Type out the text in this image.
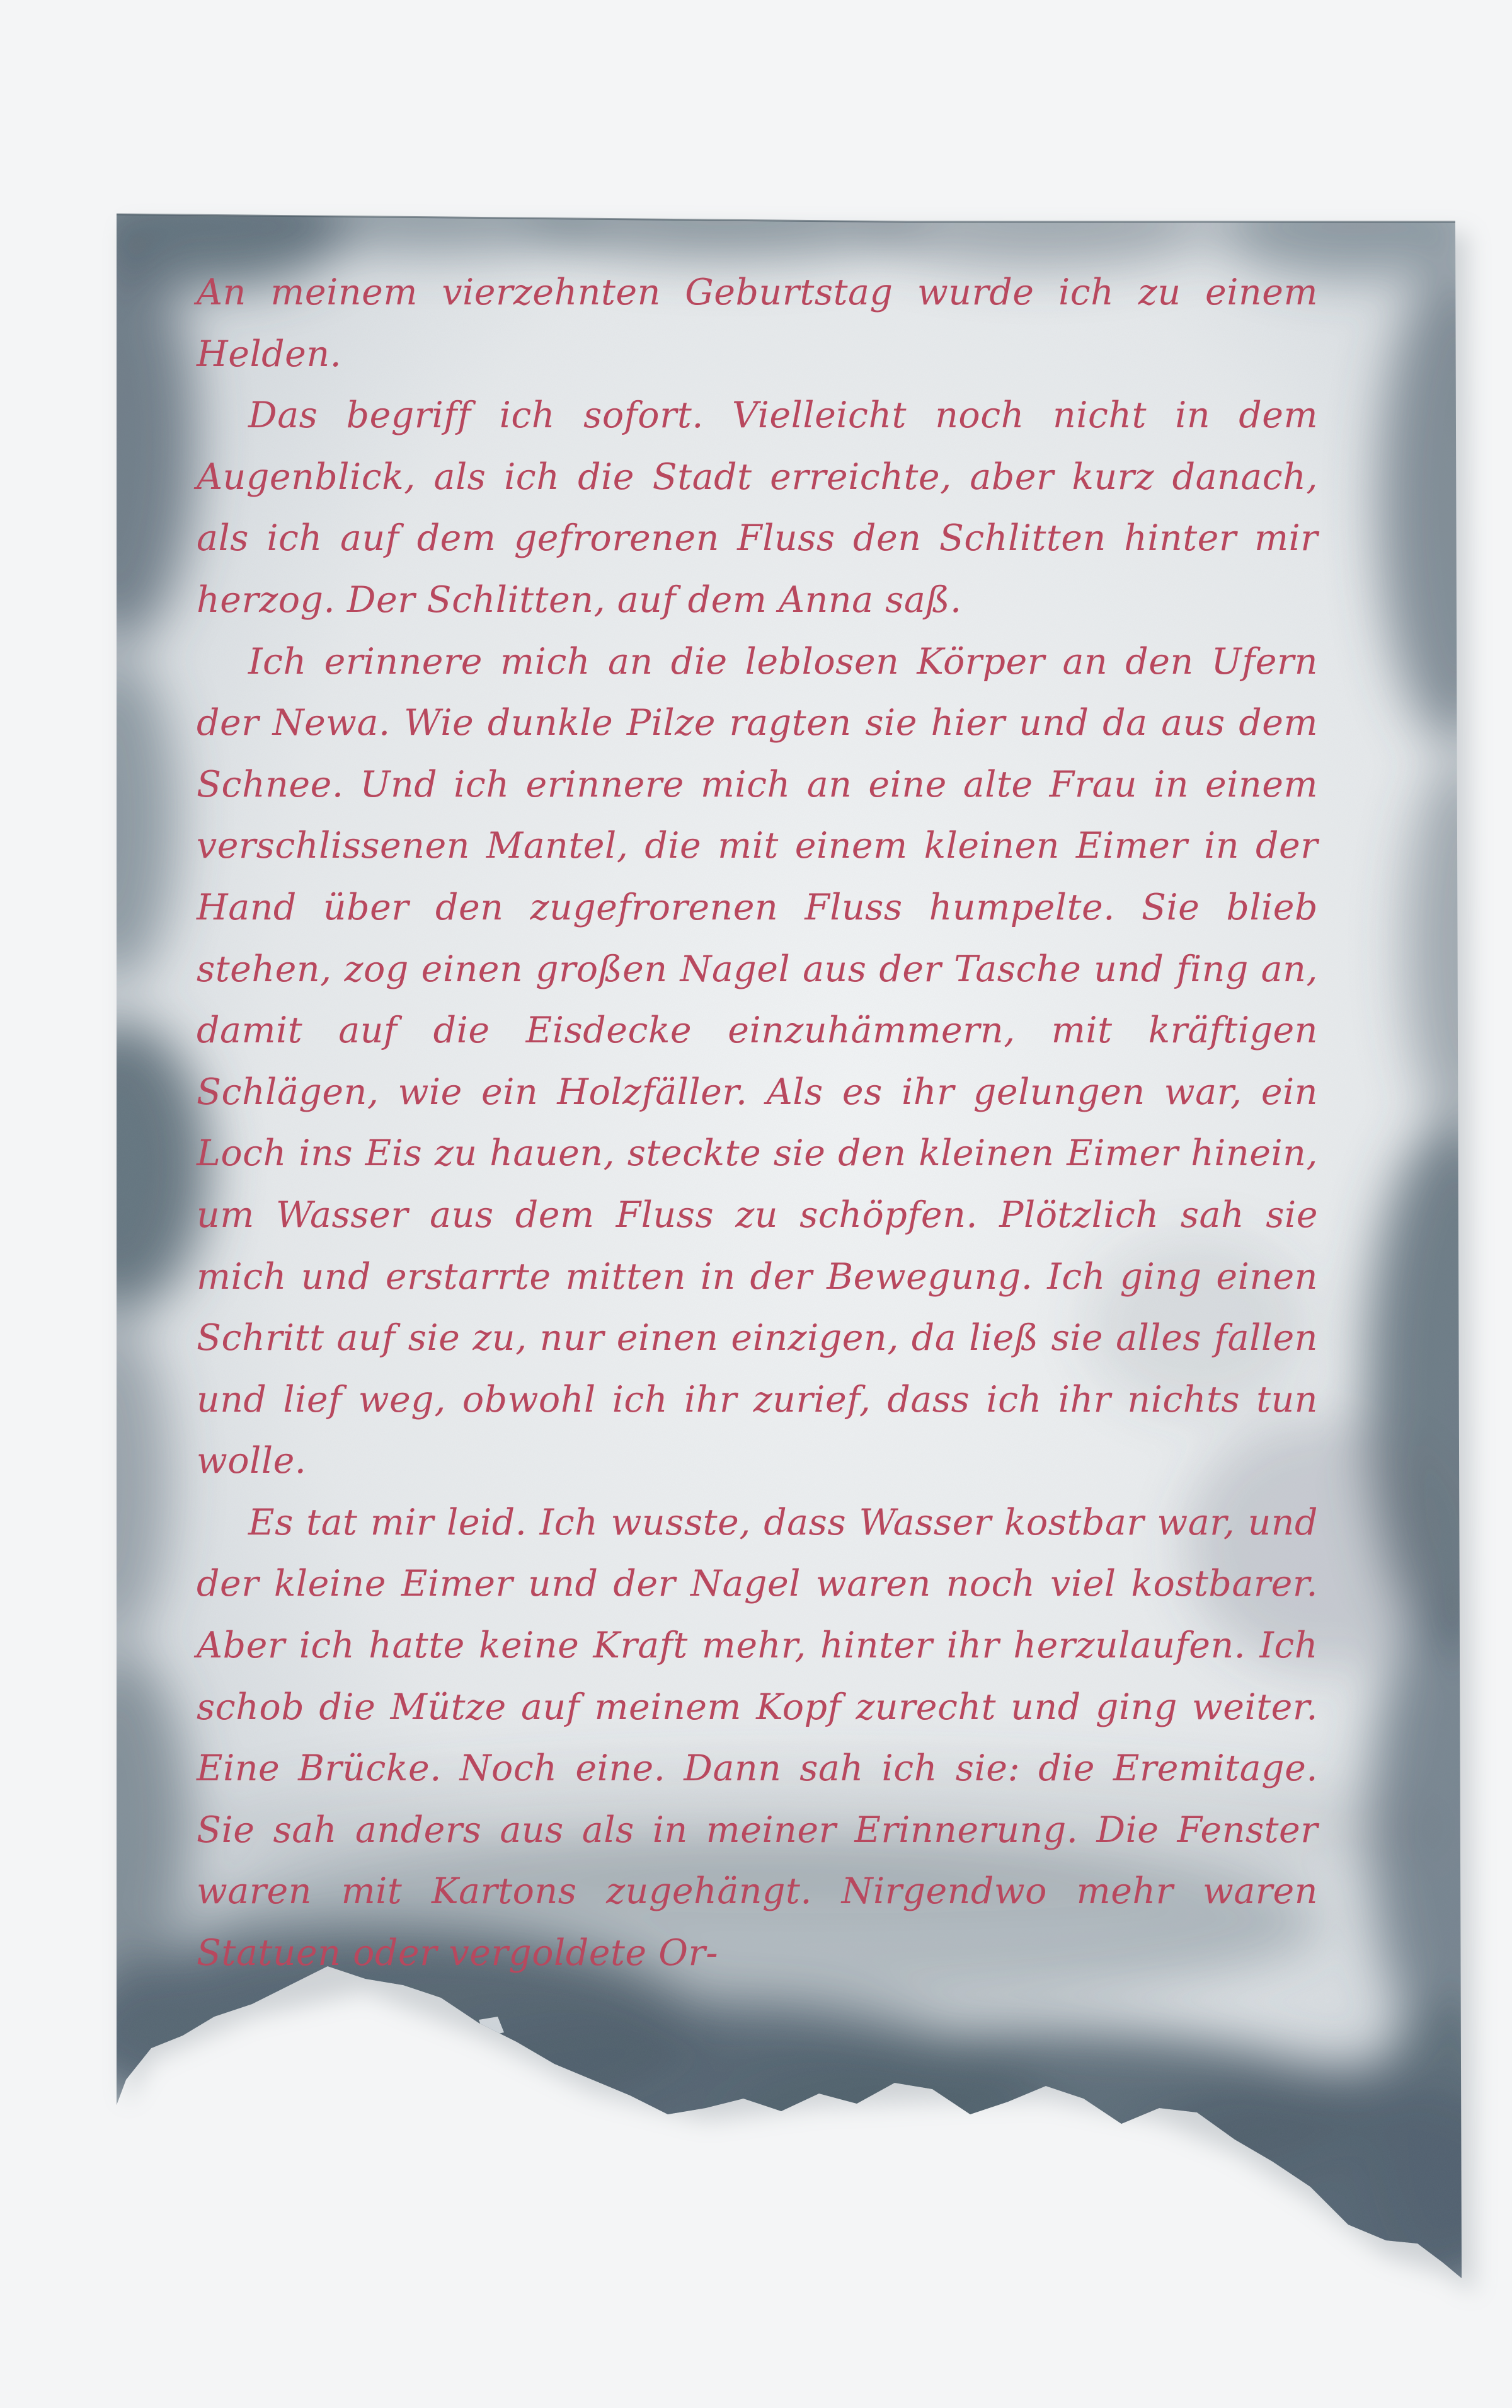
An meinem vierzehnten Geburtstag wurde ich zu einem Helden.

Das begriff ich sofort. Vielleicht noch nicht in dem Augenblick, als ich die Stadt erreichte, aber kurz danach, als ich auf dem gefrorenen Fluss den Schlitten hinter mir herzog. Der Schlitten, auf dem Anna saß.

Ich erinnere mich an die leblosen Körper an den Ufern der Newa. Wie dunkle Pilze ragten sie hier und da aus dem Schnee. Und ich erinnere mich an eine alte Frau in einem verschlissenen Mantel, die mit einem kleinen Eimer in der Hand über den zugefrorenen Fluss humpelte. Sie blieb stehen, zog einen großen Nagel aus der Tasche und fing an, damit auf die Eisdecke einzuhämmern, mit kräftigen Schlägen, wie ein Holzfäller. Als es ihr gelungen war, ein Loch ins Eis zu hauen, steckte sie den kleinen Eimer hinein, um Wasser aus dem Fluss zu schöpfen. Plötzlich sah sie mich und erstarrte mitten in der Bewegung. Ich ging einen Schritt auf sie zu, nur einen einzigen, da ließ sie alles fallen und lief weg, obwohl ich ihr zurief, dass ich ihr nichts tun wolle.

Es tat mir leid. Ich wusste, dass Wasser kostbar war, und der kleine Eimer und der Nagel waren noch viel kostbarer. Aber ich hatte keine Kraft mehr, hinter ihr herzulaufen. Ich schob die Mütze auf meinem Kopf zurecht und ging weiter. Eine Brücke. Noch eine. Dann sah ich sie: die Eremitage. Sie sah anders aus als in meiner Erinnerung. Die Fenster waren mit Kartons zugehängt. Nirgendwo mehr waren Statuen oder vergoldete Or-
